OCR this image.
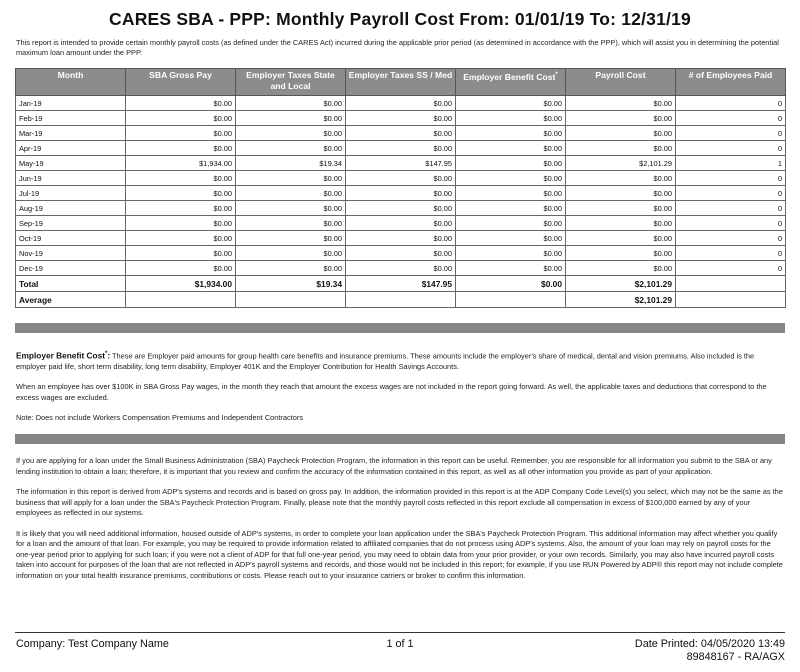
CARES SBA - PPP: Monthly Payroll Cost From: 01/01/19 To: 12/31/19
This report is intended to provide certain monthly payroll costs (as defined under the CARES Act) incurred during the applicable prior period (as determined in accordance with the PPP), which will assist you in determining the potential maximum loan amount under the PPP.
Month	SBA Gross Pay	Employer Taxes State and Local	Employer Taxes SS / Med	Employer Benefit Cost*	Payroll Cost	# of Employees Paid
Jan-19	$0.00	$0.00	$0.00	$0.00	$0.00	0
Feb-19	$0.00	$0.00	$0.00	$0.00	$0.00	0
Mar-19	$0.00	$0.00	$0.00	$0.00	$0.00	0
Apr-19	$0.00	$0.00	$0.00	$0.00	$0.00	0
May-19	$1,934.00	$19.34	$147.95	$0.00	$2,101.29	1
Jun-19	$0.00	$0.00	$0.00	$0.00	$0.00	0
Jul-19	$0.00	$0.00	$0.00	$0.00	$0.00	0
Aug-19	$0.00	$0.00	$0.00	$0.00	$0.00	0
Sep-19	$0.00	$0.00	$0.00	$0.00	$0.00	0
Oct-19	$0.00	$0.00	$0.00	$0.00	$0.00	0
Nov-19	$0.00	$0.00	$0.00	$0.00	$0.00	0
Dec-19	$0.00	$0.00	$0.00	$0.00	$0.00	0
Total	$1,934.00	$19.34	$147.95	$0.00	$2,101.29	
Average					$2,101.29	

Employer Benefit Cost*: These are Employer paid amounts for group health care benefits and insurance premiums. These amounts include the employer's share of medical, dental and vision premiums. Also included is the employer paid life, short term disability, long term disability, Employer 401K and the Employer Contribution for Health Savings Accounts.

When an employee has over $100K in SBA Gross Pay wages, in the month they reach that amount the excess wages are not included in the report going forward. As well, the applicable taxes and deductions that correspond to the excess wages are excluded.

Note: Does not include Workers Compensation Premiums and Independent Contractors

If you are applying for a loan under the Small Business Administration (SBA) Paycheck Protection Program, the information in this report can be useful. Remember, you are responsible for all information you submit to the SBA or any lending institution to obtain a loan; therefore, it is important that you review and confirm the accuracy of the information contained in this report, as well as all other information you provide as part of your application.

The information in this report is derived from ADP's systems and records and is based on gross pay. In addition, the information provided in this report is at the ADP Company Code Level(s) you select, which may not be the same as the business that will apply for a loan under the SBA's Paycheck Protection Program. Finally, please note that the monthly payroll costs reflected in this report exclude all compensation in excess of $100,000 earned by any of your employees as reflected in our systems.

It is likely that you will need additional information, housed outside of ADP's systems, in order to complete your loan application under the SBA's Paycheck Protection Program. This additional information may affect whether you qualify for a loan and the amount of that loan. For example, you may be required to provide information related to affiliated companies that do not process using ADP's systems. Also, the amount of your loan may rely on payroll costs for the one-year period prior to applying for such loan; if you were not a client of ADP for that full one-year period, you may need to obtain data from your prior provider, or your own records. Similarly, you may also have incurred payroll costs taken into account for purposes of the loan that are not reflected in ADP's payroll systems and records, and those would not be included in this report; for example, if you use RUN Powered by ADP® this report may not include complete information on your total health insurance premiums, contributions or costs. Please reach out to your insurance carriers or broker to confirm this information.

Company: Test Company Name	1 of 1	Date Printed: 04/05/2020 13:49
89848167 - RA/AGX
